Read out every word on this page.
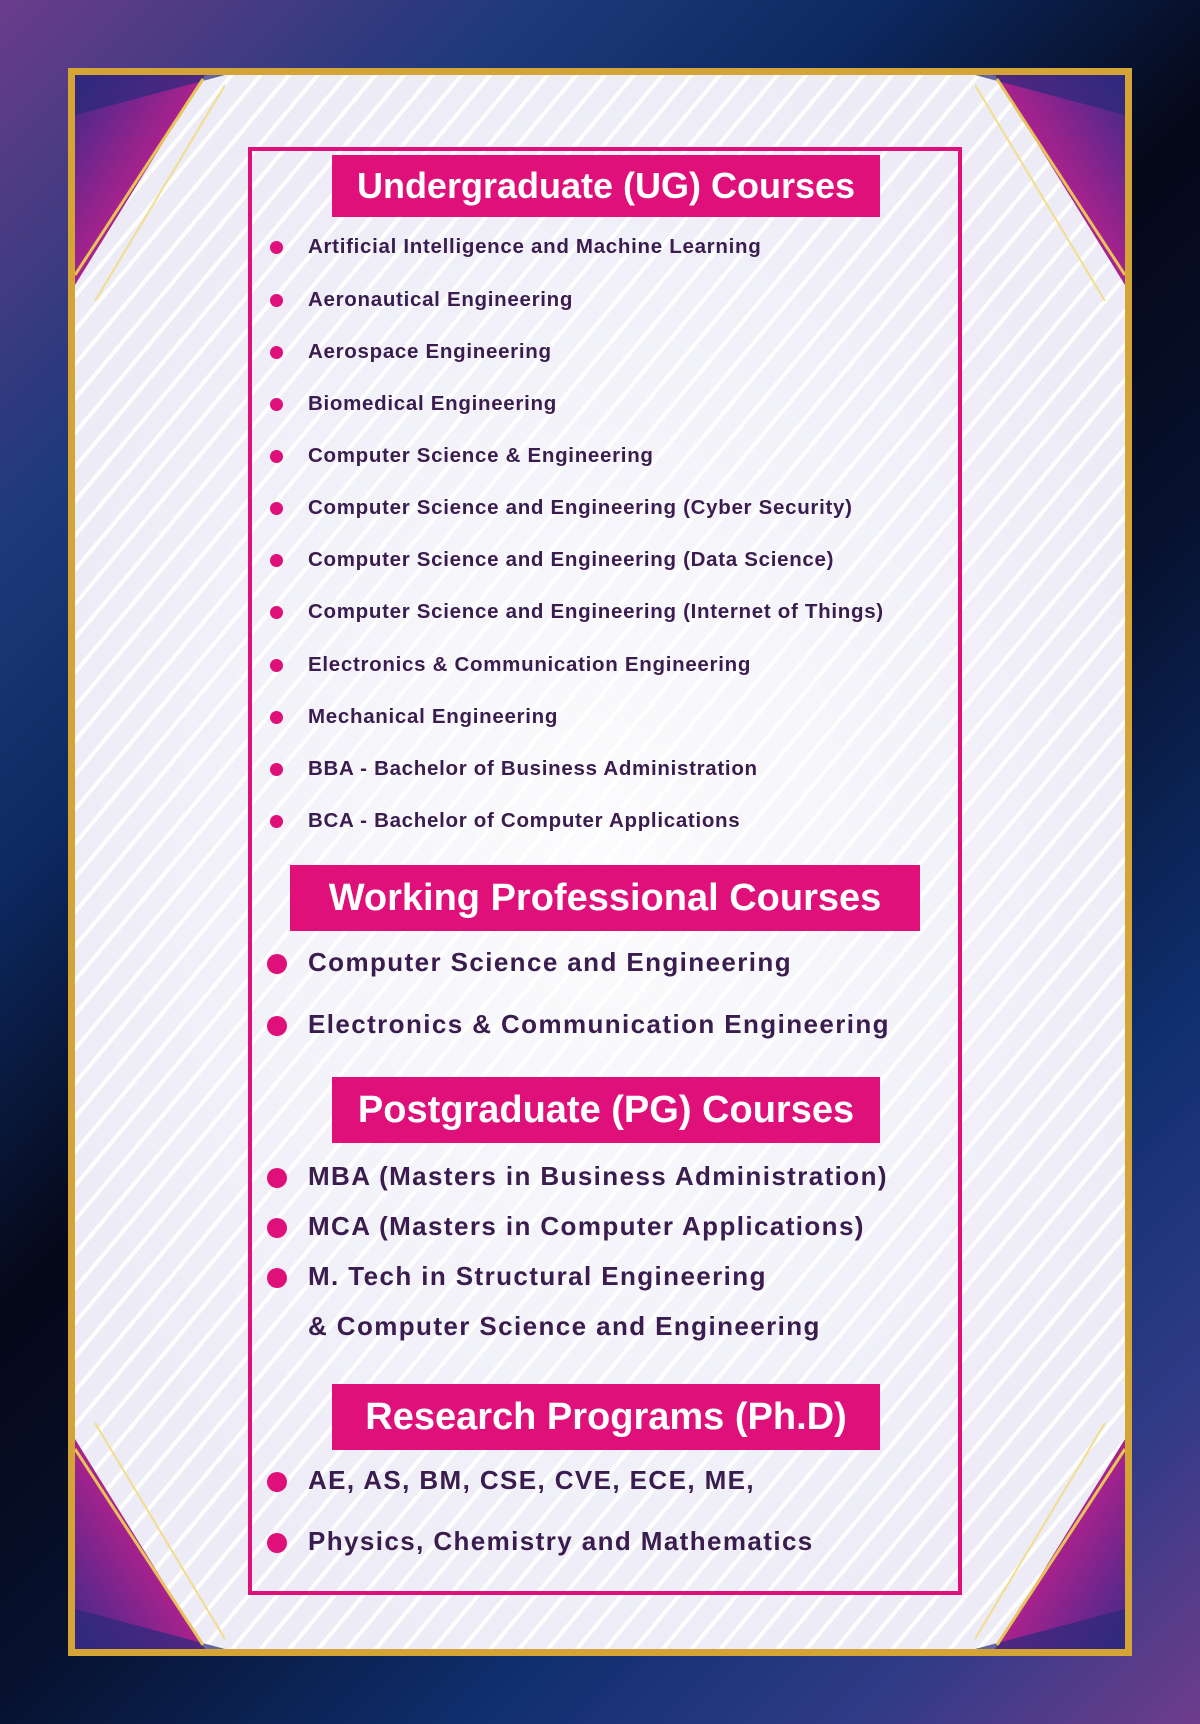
Undergraduate (UG) Courses
Artificial Intelligence and Machine Learning
Aeronautical Engineering
Aerospace Engineering
Biomedical Engineering
Computer Science & Engineering
Computer Science and Engineering (Cyber Security)
Computer Science and Engineering (Data Science)
Computer Science and Engineering (Internet of Things)
Electronics & Communication Engineering
Mechanical Engineering
BBA - Bachelor of Business Administration
BCA - Bachelor of Computer Applications
Working Professional Courses
Computer Science and Engineering
Electronics & Communication Engineering
Postgraduate (PG) Courses
MBA (Masters in Business Administration)
MCA (Masters in Computer Applications)
M. Tech in Structural Engineering
& Computer Science and Engineering
Research Programs (Ph.D)
AE, AS, BM, CSE, CVE, ECE, ME,
Physics, Chemistry and Mathematics
